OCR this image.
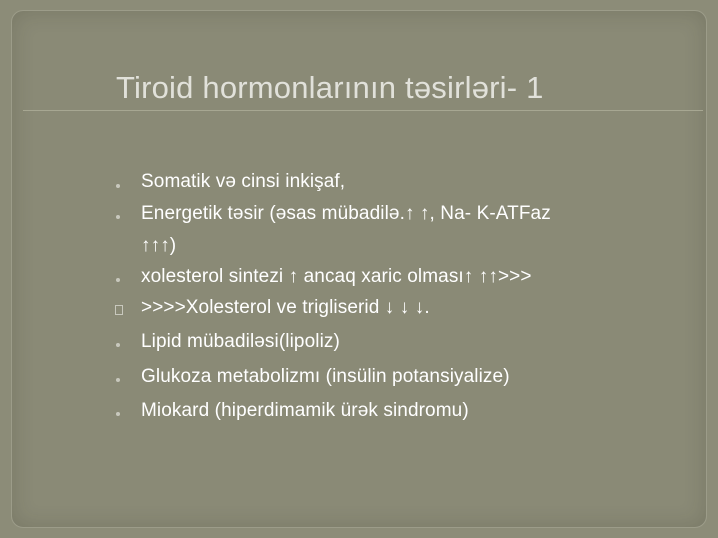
Tiroid hormonlarının təsirləri- 1
Somatik və cinsi inkişaf,
Energetik təsir (əsas mübadilə.↑ ↑, Na- K-ATFaz
↑↑↑)
xolesterol sintezi ↑ ancaq xaric olması↑ ↑↑>>>
>>>>Xolesterol ve trigliserid ↓ ↓ ↓.
Lipid mübadiləsi(lipoliz)
Glukoza metabolizmı (insülin potansiyalize)
Miokard (hiperdimamik ürək sindromu)
